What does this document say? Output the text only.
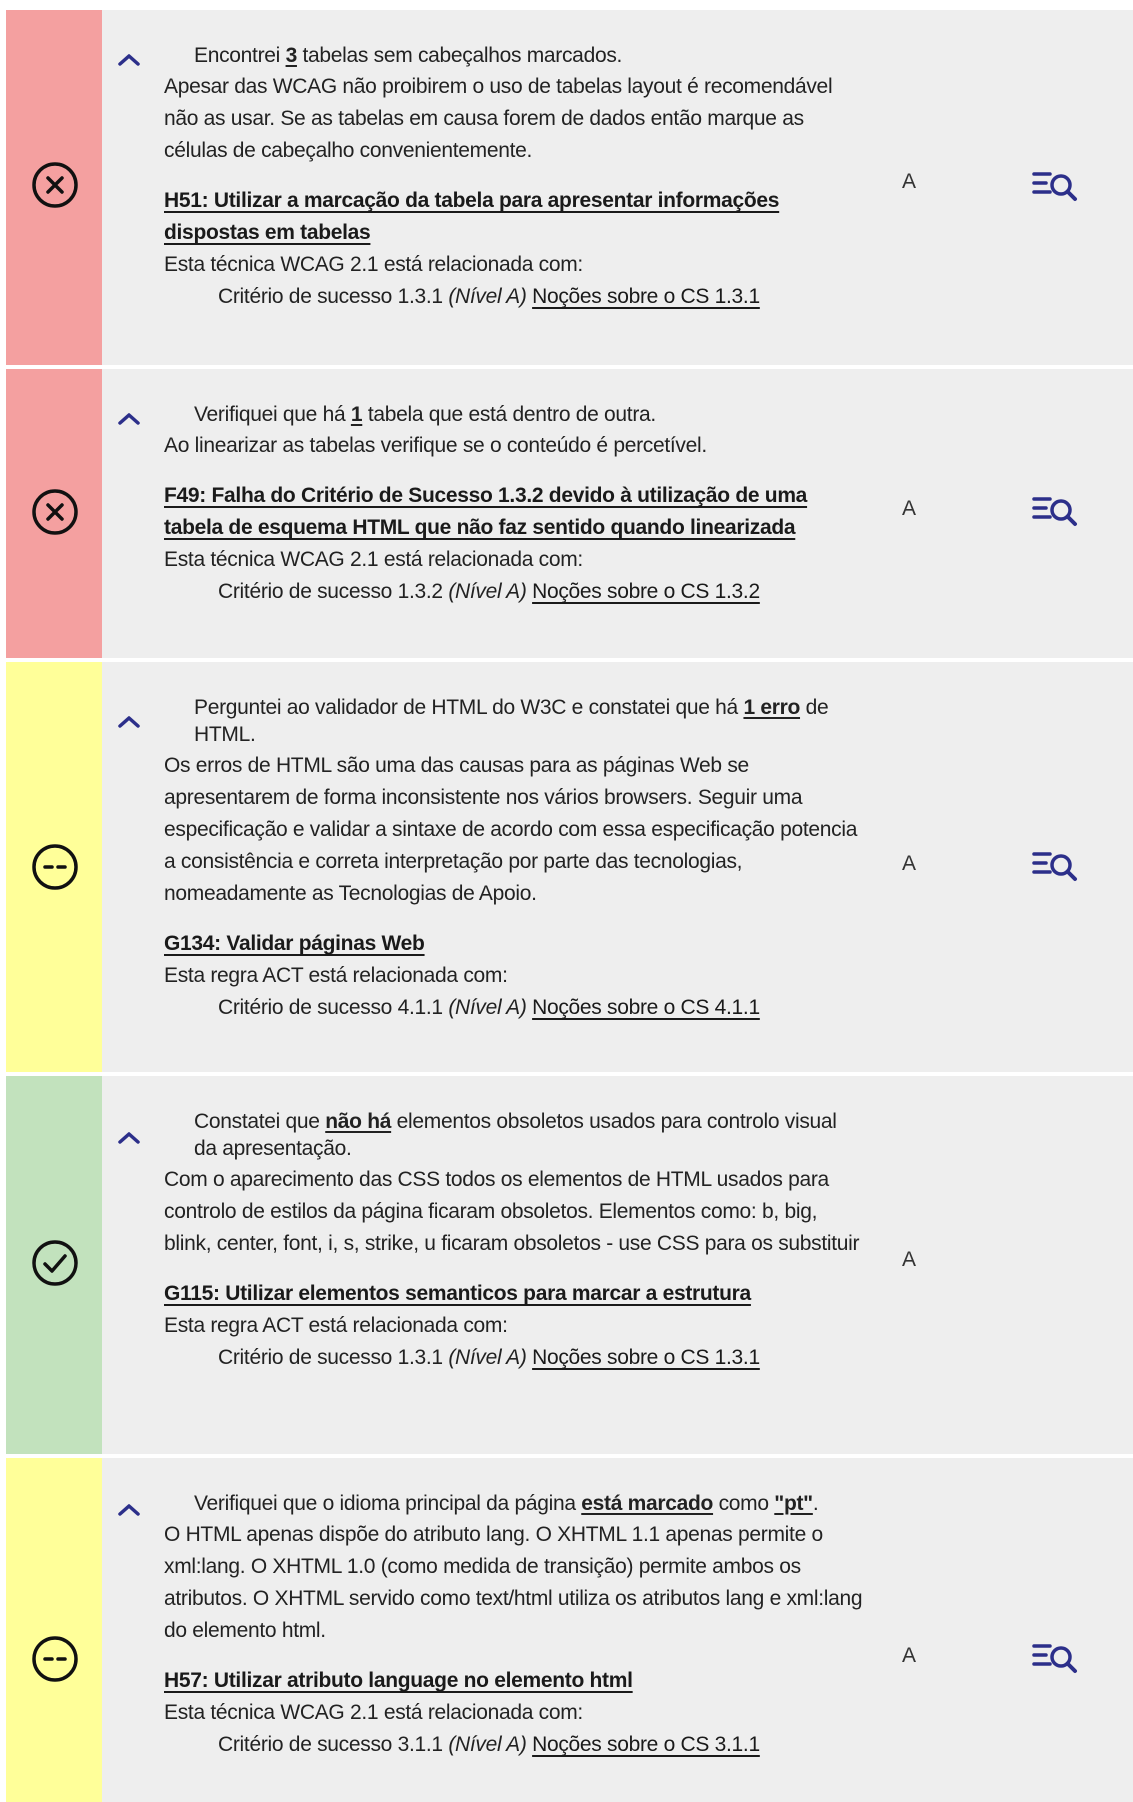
Encontrei 3 tabelas sem cabeçalhos marcados.
Apesar das WCAG não proibirem o uso de tabelas layout é recomendável não as usar. Se as tabelas em causa forem de dados então marque as células de cabeçalho convenientemente.
H51: Utilizar a marcação da tabela para apresentar informações dispostas em tabelas
Esta técnica WCAG 2.1 está relacionada com:
Critério de sucesso 1.3.1 (Nível A) Noções sobre o CS 1.3.1
A
Verifiquei que há 1 tabela que está dentro de outra.
Ao linearizar as tabelas verifique se o conteúdo é percetível.
F49: Falha do Critério de Sucesso 1.3.2 devido à utilização de uma tabela de esquema HTML que não faz sentido quando linearizada
Esta técnica WCAG 2.1 está relacionada com:
Critério de sucesso 1.3.2 (Nível A) Noções sobre o CS 1.3.2
A
Perguntei ao validador de HTML do W3C e constatei que há 1 erro de HTML.
Os erros de HTML são uma das causas para as páginas Web se apresentarem de forma inconsistente nos vários browsers. Seguir uma especificação e validar a sintaxe de acordo com essa especificação potencia a consistência e correta interpretação por parte das tecnologias, nomeadamente as Tecnologias de Apoio.
G134: Validar páginas Web
Esta regra ACT está relacionada com:
Critério de sucesso 4.1.1 (Nível A) Noções sobre o CS 4.1.1
A
Constatei que não há elementos obsoletos usados para controlo visual da apresentação.
Com o aparecimento das CSS todos os elementos de HTML usados para controlo de estilos da página ficaram obsoletos. Elementos como: b, big, blink, center, font, i, s, strike, u ficaram obsoletos - use CSS para os substituir
G115: Utilizar elementos semanticos para marcar a estrutura
Esta regra ACT está relacionada com:
Critério de sucesso 1.3.1 (Nível A) Noções sobre o CS 1.3.1
A
Verifiquei que o idioma principal da página está marcado como "pt".
O HTML apenas dispõe do atributo lang. O XHTML 1.1 apenas permite o xml:lang. O XHTML 1.0 (como medida de transição) permite ambos os atributos. O XHTML servido como text/html utiliza os atributos lang e xml:lang do elemento html.
H57: Utilizar atributo language no elemento html
Esta técnica WCAG 2.1 está relacionada com:
Critério de sucesso 3.1.1 (Nível A) Noções sobre o CS 3.1.1
A
